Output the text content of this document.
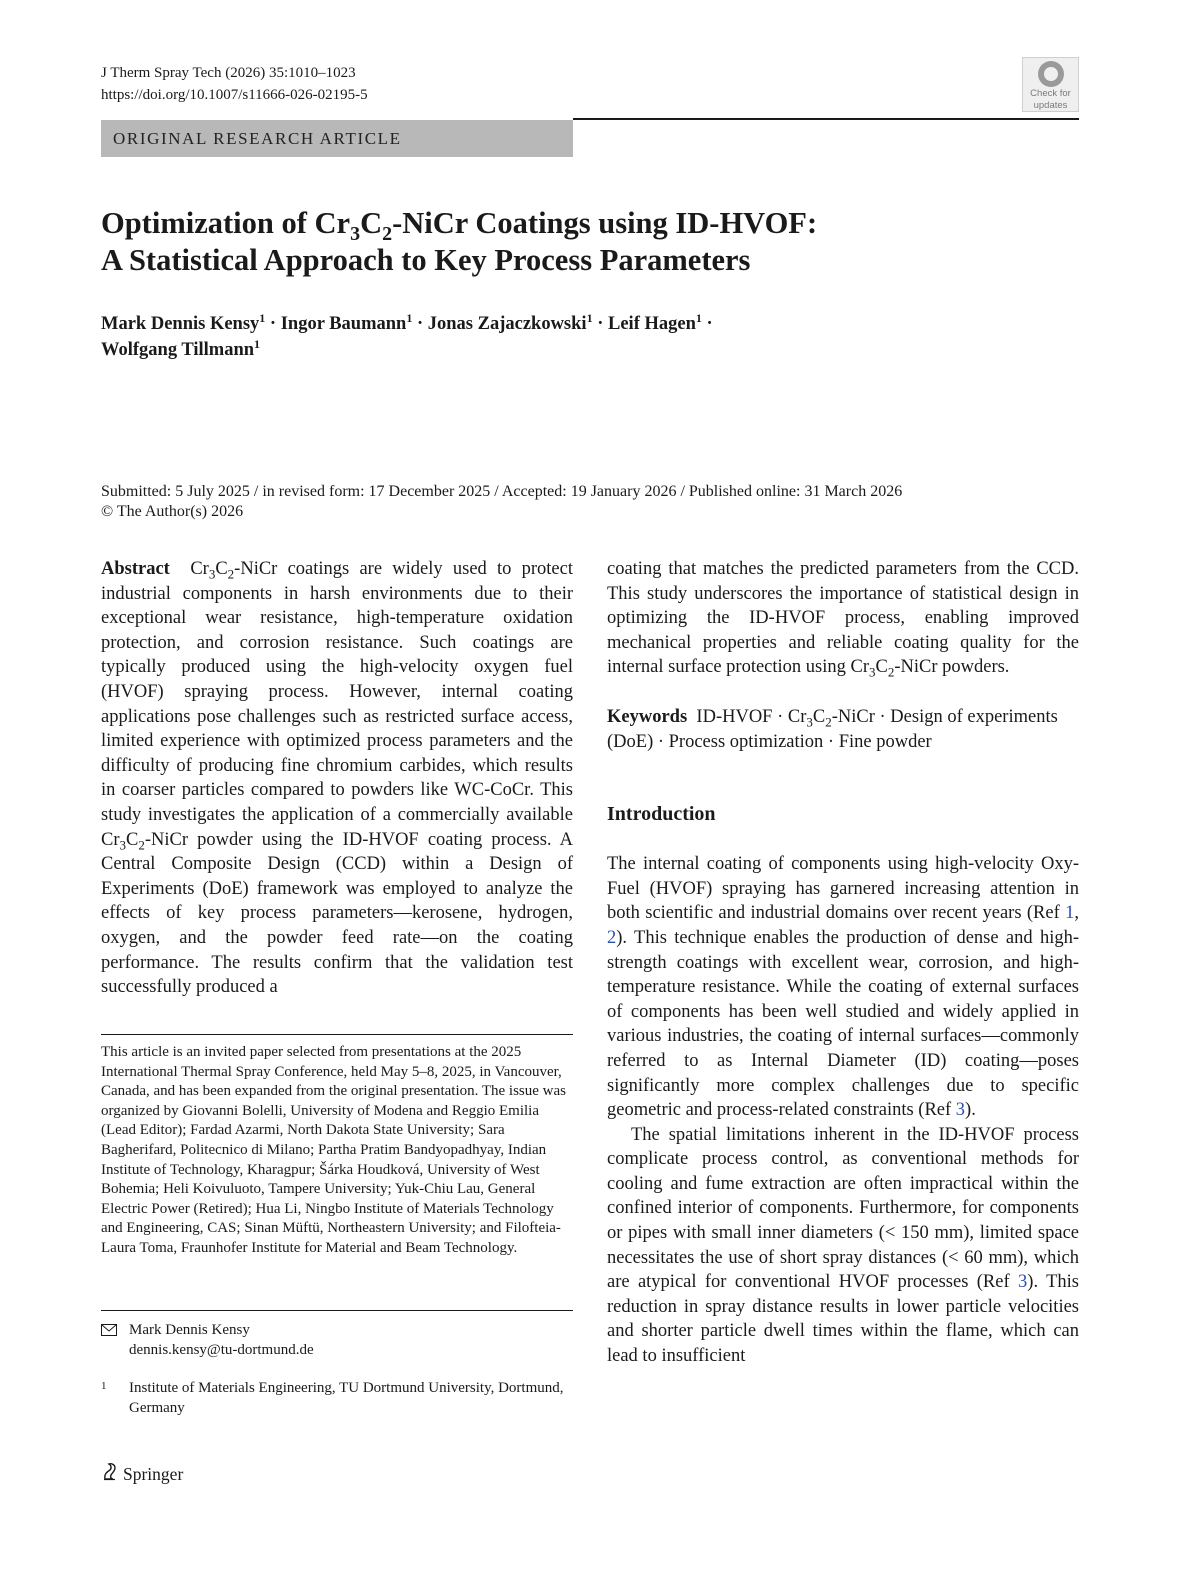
J Therm Spray Tech (2026) 35:1010–1023
https://doi.org/10.1007/s11666-026-02195-5	Check for
updates
ORIGINAL RESEARCH ARTICLE
Optimization of $Cr_3C_2$-NiCr Coatings using ID-HVOF:
A Statistical Approach to Key Process Parameters
Mark Dennis Kensy$^1$ · Ingor Baumann$^1$ · Jonas Zajaczkowski$^1$ · Leif Hagen$^1$ ·
Wolfgang Tillmann$^1$
Submitted: 5 July 2025 / in revised form: 17 December 2025 / Accepted: 19 January 2026 / Published online: 31 March 2026
© The Author(s) 2026

Abstract $Cr_3C_2$-NiCr coatings are widely used to protect industrial components in harsh environments due to their exceptional wear resistance, high-temperature oxidation protection, and corrosion resistance. Such coatings are typically produced using the high-velocity oxygen fuel (HVOF) spraying process. However, internal coating applications pose challenges such as restricted surface access, limited experience with optimized process parameters and the difficulty of producing fine chromium carbides, which results in coarser particles compared to powders like WC-CoCr. This study investigates the application of a commercially available $Cr_3C_2$-NiCr powder using the ID-HVOF coating process. A Central Composite Design (CCD) within a Design of Experiments (DoE) framework was employed to analyze the effects of key process parameters—kerosene, hydrogen, oxygen, and the powder feed rate—on the coating performance. The results confirm that the validation test successfully produced a

This article is an invited paper selected from presentations at the 2025 International Thermal Spray Conference, held May 5–8, 2025, in Vancouver, Canada, and has been expanded from the original presentation. The issue was organized by Giovanni Bolelli, University of Modena and Reggio Emilia (Lead Editor); Fardad Azarmi, North Dakota State University; Sara Bagherifard, Politecnico di Milano; Partha Pratim Bandyopadhyay, Indian Institute of Technology, Kharagpur; Šárka Houdková, University of West Bohemia; Heli Koivuluoto, Tampere University; Yuk-Chiu Lau, General Electric Power (Retired); Hua Li, Ningbo Institute of Materials Technology and Engineering, CAS; Sinan Müftü, Northeastern University; and Filofteia-Laura Toma, Fraunhofer Institute for Material and Beam Technology.
Mark Dennis Kensy
dennis.kensy@tu-dortmund.de
1	Institute of Materials Engineering, TU Dortmund University, Dortmund, Germany
Springer

coating that matches the predicted parameters from the CCD. This study underscores the importance of statistical design in optimizing the ID-HVOF process, enabling improved mechanical properties and reliable coating quality for the internal surface protection using $Cr_3C_2$-NiCr powders.

Keywords ID-HVOF · $Cr_3C_2$-NiCr · Design of experiments (DoE) · Process optimization · Fine powder

Introduction

The internal coating of components using high-velocity Oxy-Fuel (HVOF) spraying has garnered increasing attention in both scientific and industrial domains over recent years (Ref 1, 2). This technique enables the production of dense and high-strength coatings with excellent wear, corrosion, and high-temperature resistance. While the coating of external surfaces of components has been well studied and widely applied in various industries, the coating of internal surfaces—commonly referred to as Internal Diameter (ID) coating—poses significantly more complex challenges due to specific geometric and process-related constraints (Ref 3).

The spatial limitations inherent in the ID-HVOF process complicate process control, as conventional methods for cooling and fume extraction are often impractical within the confined interior of components. Furthermore, for components or pipes with small inner diameters (< 150 mm), limited space necessitates the use of short spray distances (< 60 mm), which are atypical for conventional HVOF processes (Ref 3). This reduction in spray distance results in lower particle velocities and shorter particle dwell times within the flame, which can lead to insufficient
